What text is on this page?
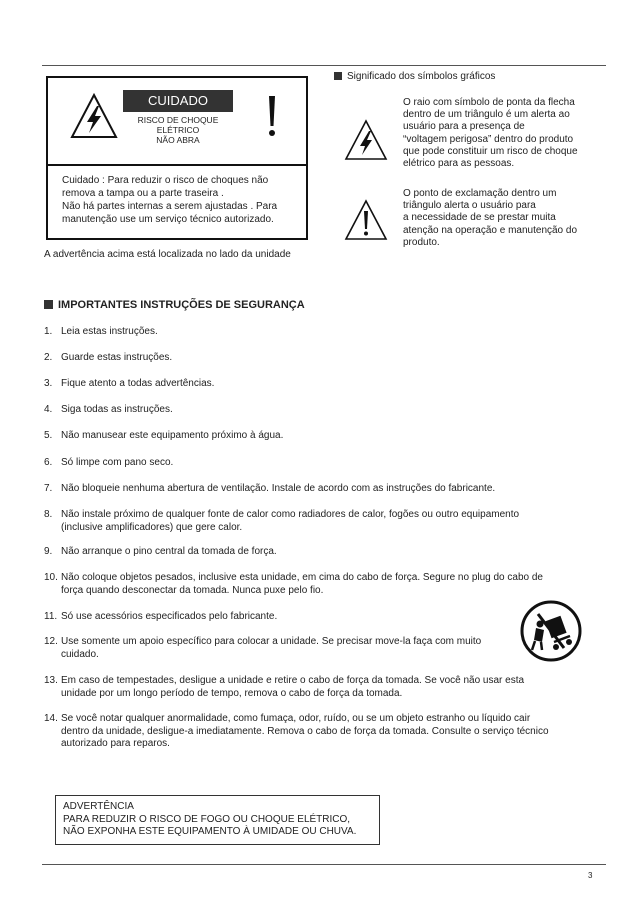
CUIDADO
RISCO DE CHOQUE
ELÉTRICO
NÃO ABRA
Cuidado : Para reduzir o risco de choques não
remova a tampa ou a parte traseira .
Não há partes internas a serem ajustadas . Para
manutenção use um serviço técnico autorizado.
A advertência acima está localizada no lado da unidade
Significado dos símbolos gráficos
O raio com símbolo de ponta da flecha
dentro de um triângulo é um alerta ao
usuário para a presença de
“voltagem perigosa” dentro do produto
que pode constituir um risco de choque
elétrico para as pessoas.
O ponto de exclamação dentro um
triângulo alerta o usuário para
a necessidade de se prestar muita
atenção na operação e manutenção do
produto.
IMPORTANTES INSTRUÇÕES DE SEGURANÇA
1. Leia estas instruções.
2. Guarde estas instruções.
3. Fique atento a todas advertências.
4. Siga todas as instruções.
5. Não manusear este equipamento próximo à água.
6. Só limpe com pano seco.
7. Não bloqueie nenhuma abertura de ventilação. Instale de acordo com as instruções do fabricante.
8. Não instale próximo de qualquer fonte de calor como radiadores de calor, fogões ou outro equipamento
(inclusive amplificadores) que gere calor.
9. Não arranque o pino central da tomada de força.
10. Não coloque objetos pesados, inclusive esta unidade, em cima do cabo de força. Segure no plug do cabo de
força quando desconectar da tomada. Nunca puxe pelo fio.
11. Só use acessórios especificados pelo fabricante.
12. Use somente um apoio específico para colocar a unidade. Se precisar move-la faça com muito
cuidado.
13. Em caso de tempestades, desligue a unidade e retire o cabo de força da tomada. Se você não usar esta
unidade por um longo período de tempo, remova o cabo de força da tomada.
14. Se você notar qualquer anormalidade, como fumaça, odor, ruído, ou se um objeto estranho ou líquido cair
dentro da unidade, desligue-a imediatamente. Remova o cabo de força da tomada. Consulte o serviço técnico
autorizado para reparos.
ADVERTÊNCIA
PARA REDUZIR O RISCO DE FOGO OU CHOQUE ELÉTRICO,
NÃO EXPONHA ESTE EQUIPAMENTO À UMIDADE OU CHUVA.
3
